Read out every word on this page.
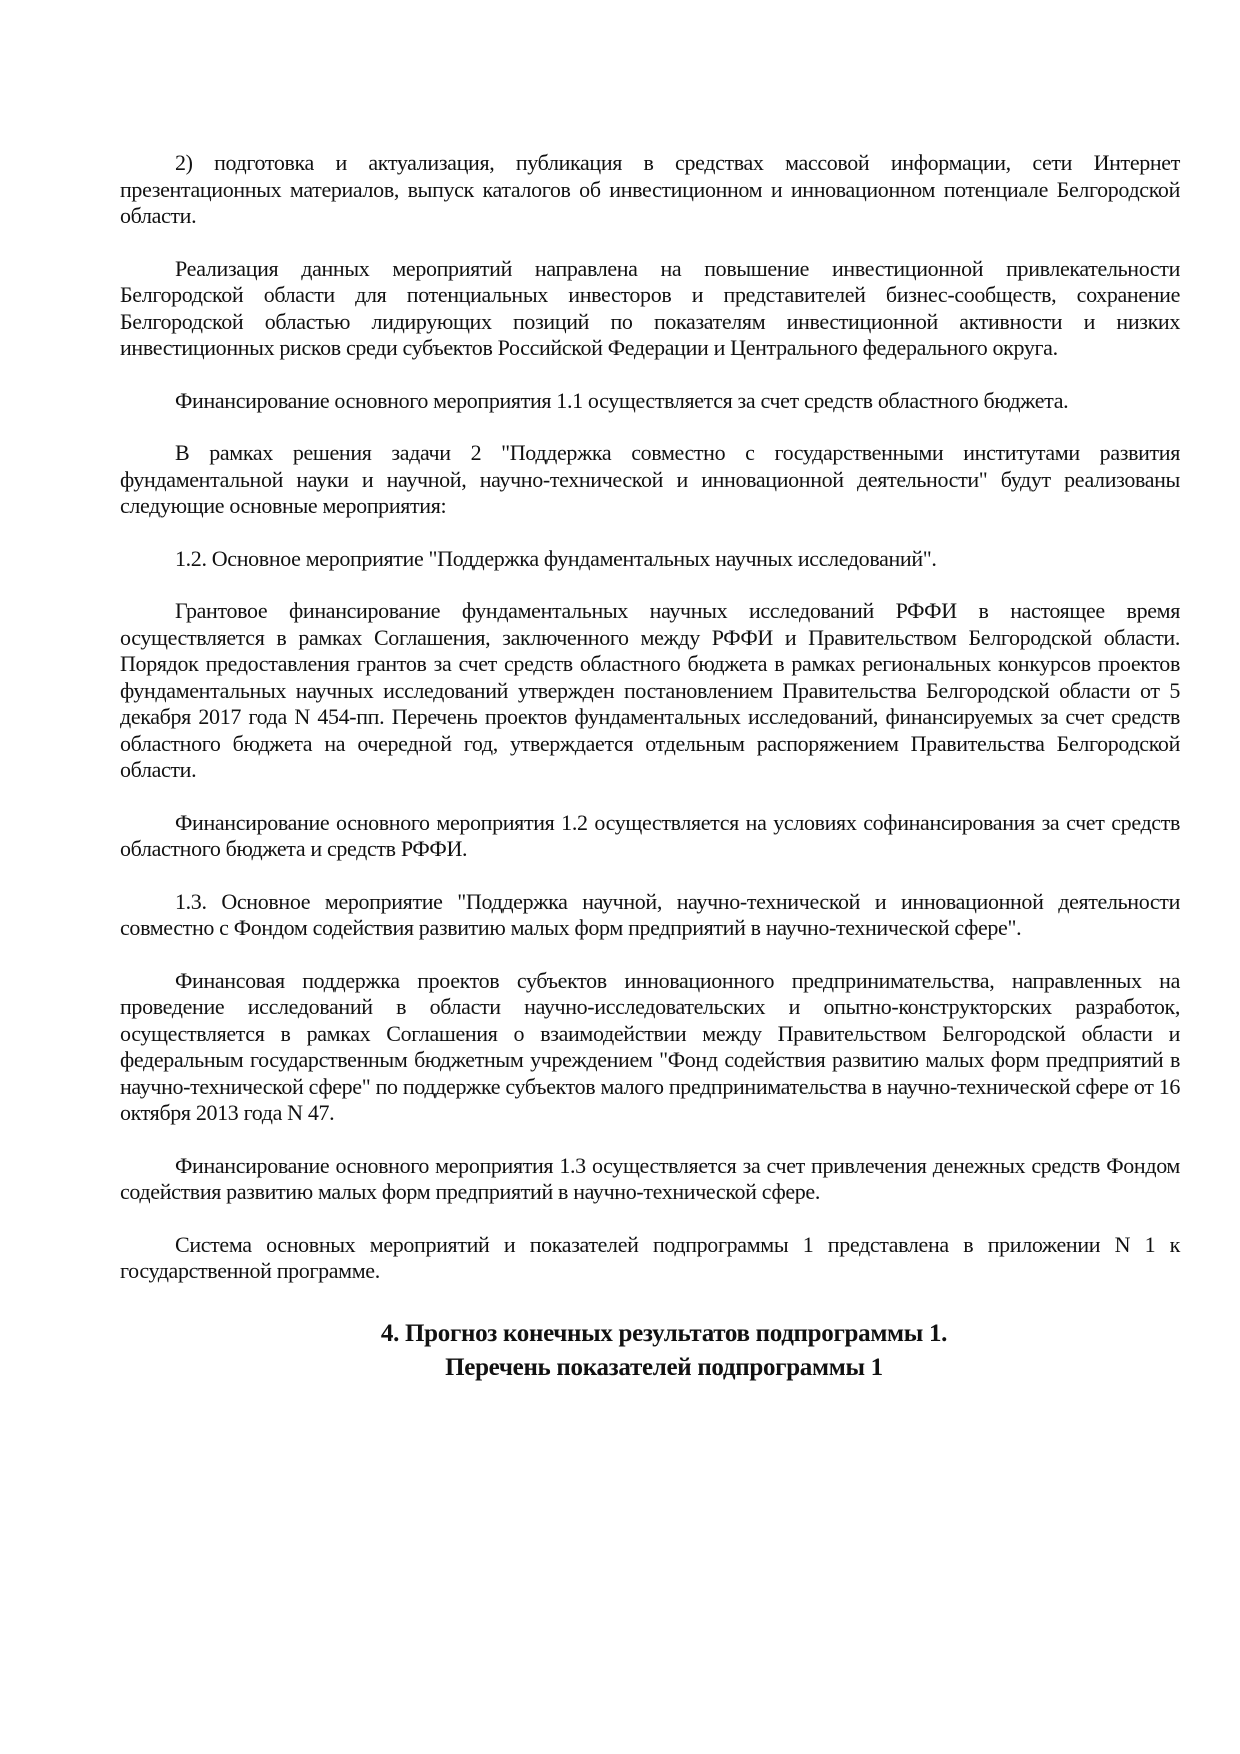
2) подготовка и актуализация, публикация в средствах массовой информации, сети Интернет презентационных материалов, выпуск каталогов об инвестиционном и инновационном потенциале Белгородской области.

Реализация данных мероприятий направлена на повышение инвестиционной привлекательности Белгородской области для потенциальных инвесторов и представителей бизнес-сообществ, сохранение Белгородской областью лидирующих позиций по показателям инвестиционной активности и низких инвестиционных рисков среди субъектов Российской Федерации и Центрального федерального округа.

Финансирование основного мероприятия 1.1 осуществляется за счет средств областного бюджета.

В рамках решения задачи 2 "Поддержка совместно с государственными институтами развития фундаментальной науки и научной, научно-технической и инновационной деятельности" будут реализованы следующие основные мероприятия:

1.2. Основное мероприятие "Поддержка фундаментальных научных исследований".

Грантовое финансирование фундаментальных научных исследований РФФИ в настоящее время осуществляется в рамках Соглашения, заключенного между РФФИ и Правительством Белгородской области. Порядок предоставления грантов за счет средств областного бюджета в рамках региональных конкурсов проектов фундаментальных научных исследований утвержден постановлением Правительства Белгородской области от 5 декабря 2017 года N 454-пп. Перечень проектов фундаментальных исследований, финансируемых за счет средств областного бюджета на очередной год, утверждается отдельным распоряжением Правительства Белгородской области.

Финансирование основного мероприятия 1.2 осуществляется на условиях софинансирования за счет средств областного бюджета и средств РФФИ.

1.3. Основное мероприятие "Поддержка научной, научно-технической и инновационной деятельности совместно с Фондом содействия развитию малых форм предприятий в научно-технической сфере".

Финансовая поддержка проектов субъектов инновационного предпринимательства, направленных на проведение исследований в области научно-исследовательских и опытно-конструкторских разработок, осуществляется в рамках Соглашения о взаимодействии между Правительством Белгородской области и федеральным государственным бюджетным учреждением "Фонд содействия развитию малых форм предприятий в научно-технической сфере" по поддержке субъектов малого предпринимательства в научно-технической сфере от 16 октября 2013 года N 47.

Финансирование основного мероприятия 1.3 осуществляется за счет привлечения денежных средств Фондом содействия развитию малых форм предприятий в научно-технической сфере.

Система основных мероприятий и показателей подпрограммы 1 представлена в приложении N 1 к государственной программе.

4. Прогноз конечных результатов подпрограммы 1.
Перечень показателей подпрограммы 1
